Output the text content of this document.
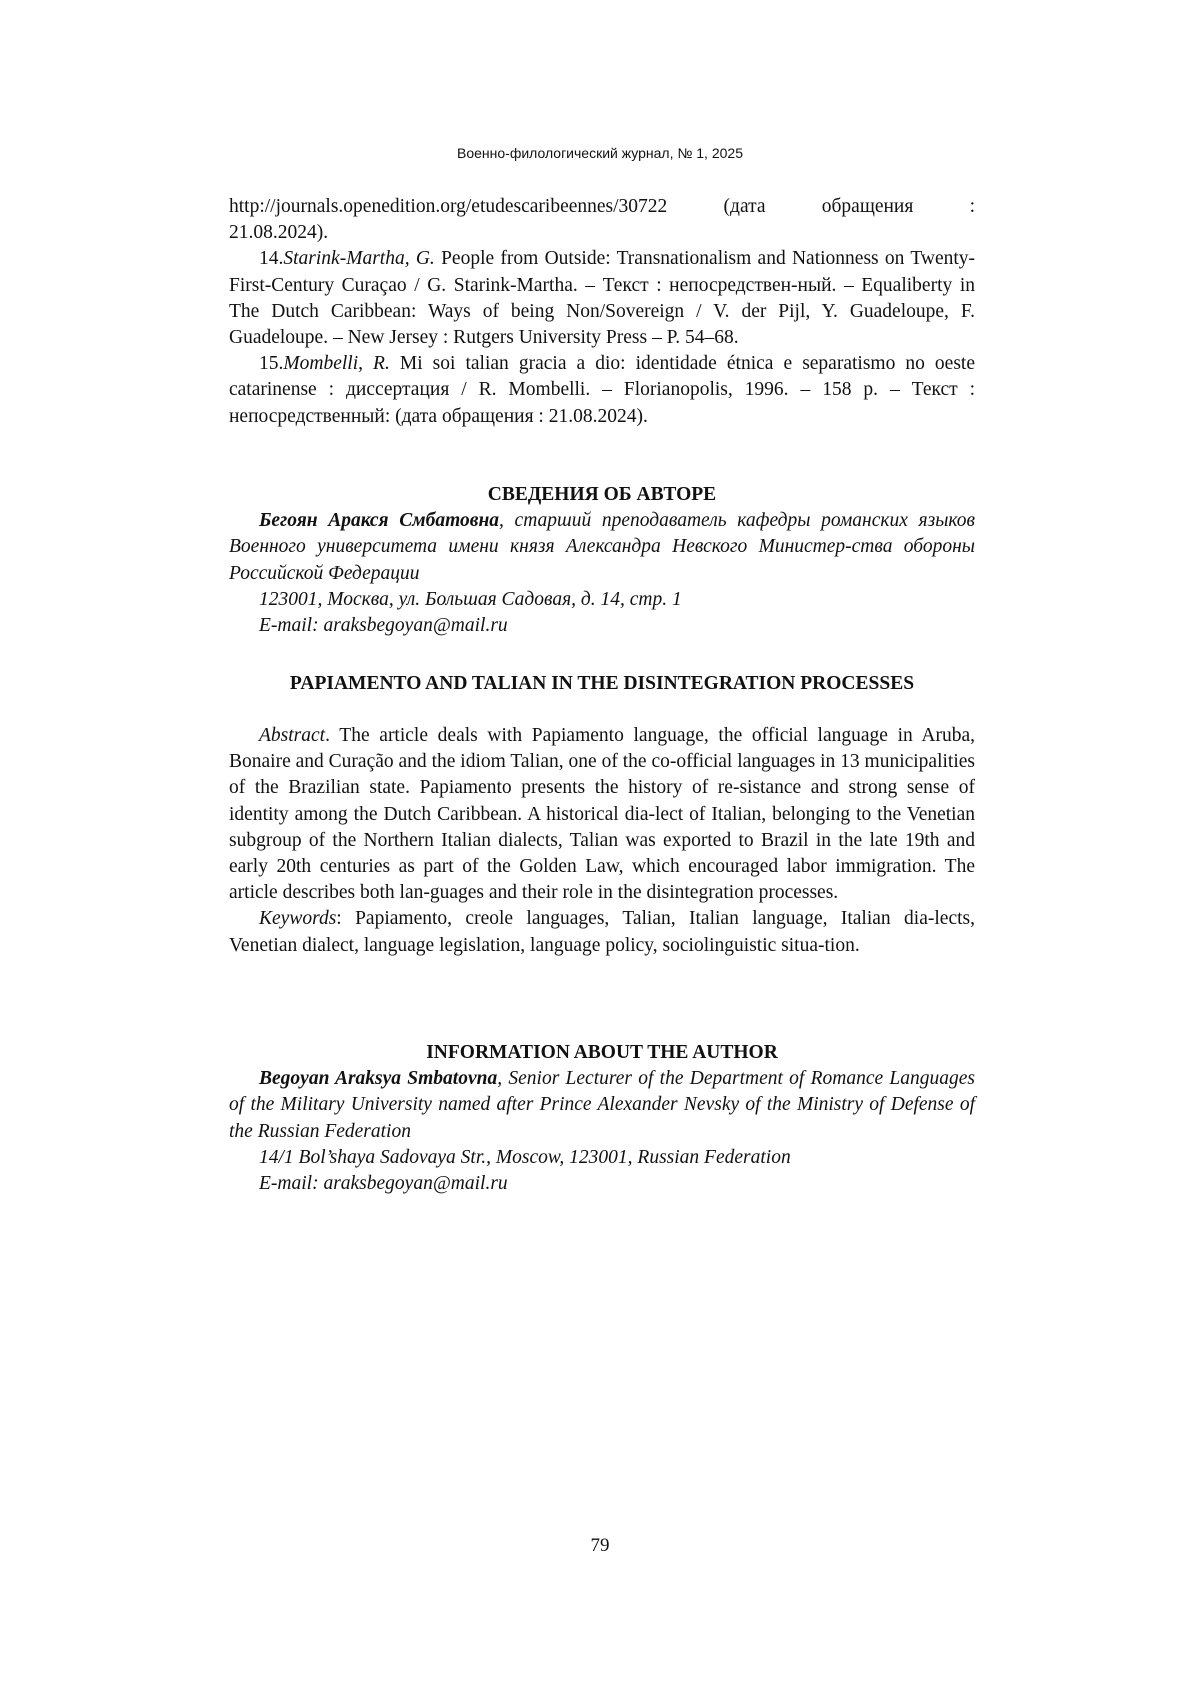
Военно-филологический журнал, № 1, 2025

http://journals.openedition.org/etudescaribeennes/30722 (дата обращения :

21.08.2024).

14.Starink-Martha, G. People from Outside: Transnationalism and Nationness on Twenty-First-Century Curaçao / G. Starink-Martha. – Текст : непосредствен-ный. – Equaliberty in The Dutch Caribbean: Ways of being Non/Sovereign / V. der Pijl, Y. Guadeloupe, F. Guadeloupe. – New Jersey : Rutgers University Press – P. 54–68.

15.Mombelli, R. Mi soi talian gracia a dio: identidade étnica e separatismo no oeste catarinense : диссертация / R. Mombelli. – Florianopolis, 1996. – 158 p. – Текст : непосредственный: (дата обращения : 21.08.2024).

СВЕДЕНИЯ ОБ АВТОРЕ

Бегоян Аракся Смбатовна, старший преподаватель кафедры романских языков Военного университета имени князя Александра Невского Министер-ства обороны Российской Федерации

123001, Москва, ул. Большая Садовая, д. 14, стр. 1

E-mail: araksbegoyan@mail.ru

PAPIAMENTO AND TALIAN IN THE DISINTEGRATION PROCESSES

Abstract. The article deals with Papiamento language, the official language in Aruba, Bonaire and Curação and the idiom Talian, one of the co-official languages in 13 municipalities of the Brazilian state. Papiamento presents the history of re-sistance and strong sense of identity among the Dutch Caribbean. A historical dia-lect of Italian, belonging to the Venetian subgroup of the Northern Italian dialects, Talian was exported to Brazil in the late 19th and early 20th centuries as part of the Golden Law, which encouraged labor immigration. The article describes both lan-guages and their role in the disintegration processes.

Keywords: Papiamento, creole languages, Talian, Italian language, Italian dia-lects, Venetian dialect, language legislation, language policy, sociolinguistic situa-tion.

INFORMATION ABOUT THE AUTHOR

Begoyan Araksya Smbatovna, Senior Lecturer of the Department of Romance Languages of the Military University named after Prince Alexander Nevsky of the Ministry of Defense of the Russian Federation

14/1 Bol’shaya Sadovaya Str., Moscow, 123001, Russian Federation

E-mail: araksbegoyan@mail.ru

79
